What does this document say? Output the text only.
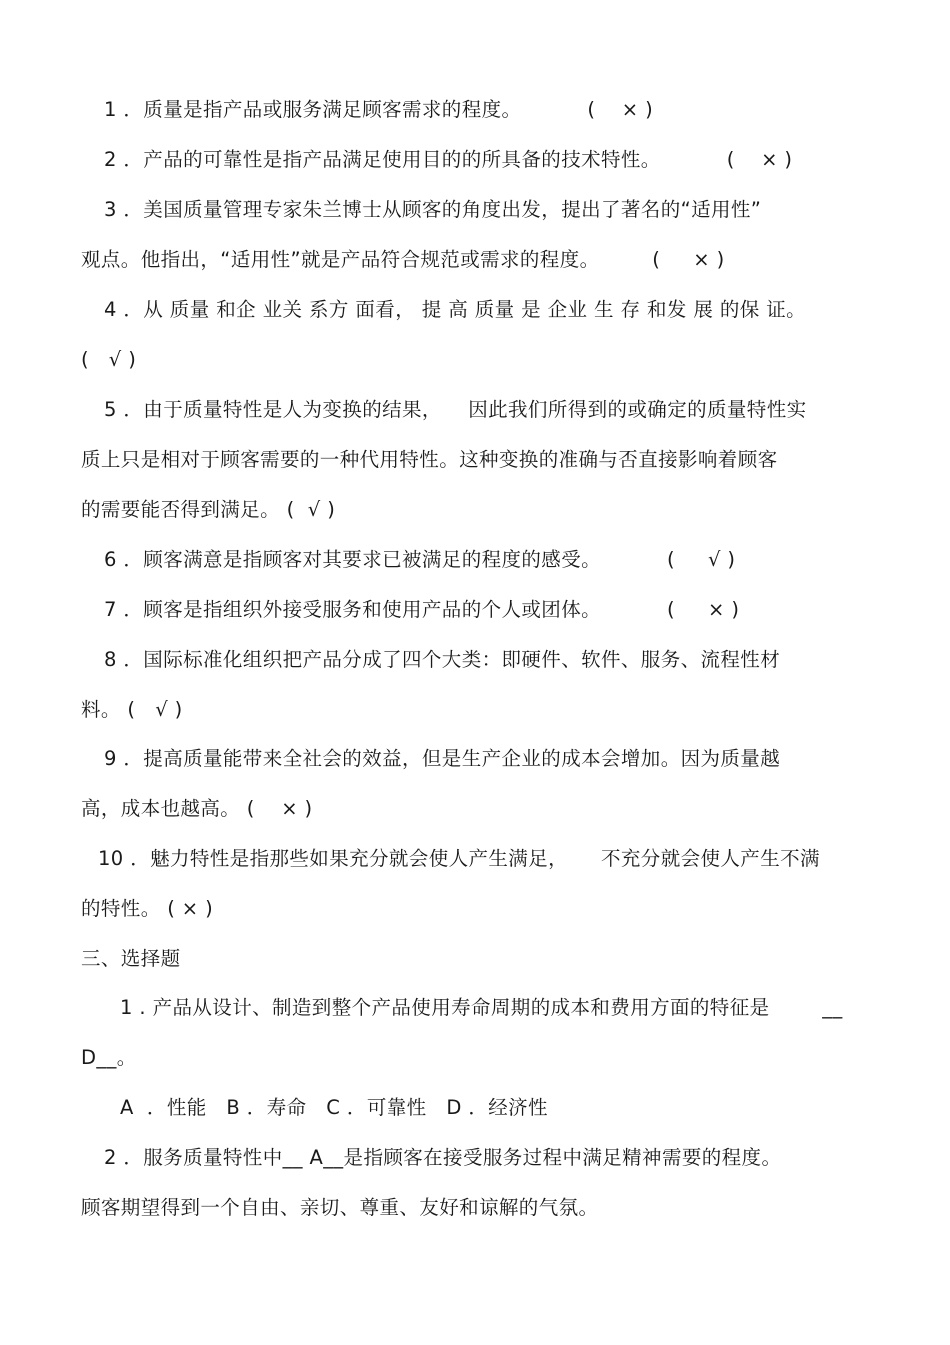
1 ．质量是指产品或服务满足顾客需求的程度。          (    × )
2 ．产品的可靠性是指产品满足使用目的的所具备的技术特性。          (    × )
3 ．美国质量管理专家朱兰博士从顾客的角度出发，提出了著名的“适用性”
观点。他指出，“适用性”就是产品符合规范或需求的程度。        (     × )
4 ．从 质量 和企 业关 系方 面看， 提 高 质量 是 企业 生 存 和发 展 的保 证。
(   √ )
5 ．由于质量特性是人为变换的结果，    因此我们所得到的或确定的质量特性实
质上只是相对于顾客需要的一种代用特性。这种变换的准确与否直接影响着顾客
的需要能否得到满足。 (  √ )
6 ．顾客满意是指顾客对其要求已被满足的程度的感受。          (     √ )
7 ．顾客是指组织外接受服务和使用产品的个人或团体。          (     × )
8 ．国际标准化组织把产品分成了四个大类：即硬件、软件、服务、流程性材
料。 (   √ )
9 ．提高质量能带来全社会的效益，但是生产企业的成本会增加。因为质量越
高，成本也越高。 (    × )
10 ．魅力特性是指那些如果充分就会使人产生满足，     不充分就会使人产生不满
的特性。 ( × )
三、选择题
1 . 产品从设计、制造到整个产品使用寿命周期的成本和费用方面的特征是        __
D__。
A  ．性能   B ．寿命   C ．可靠性   D ．经济性
2 ．服务质量特性中__ A__是指顾客在接受服务过程中满足精神需要的程度。
顾客期望得到一个自由、亲切、尊重、友好和谅解的气氛。
